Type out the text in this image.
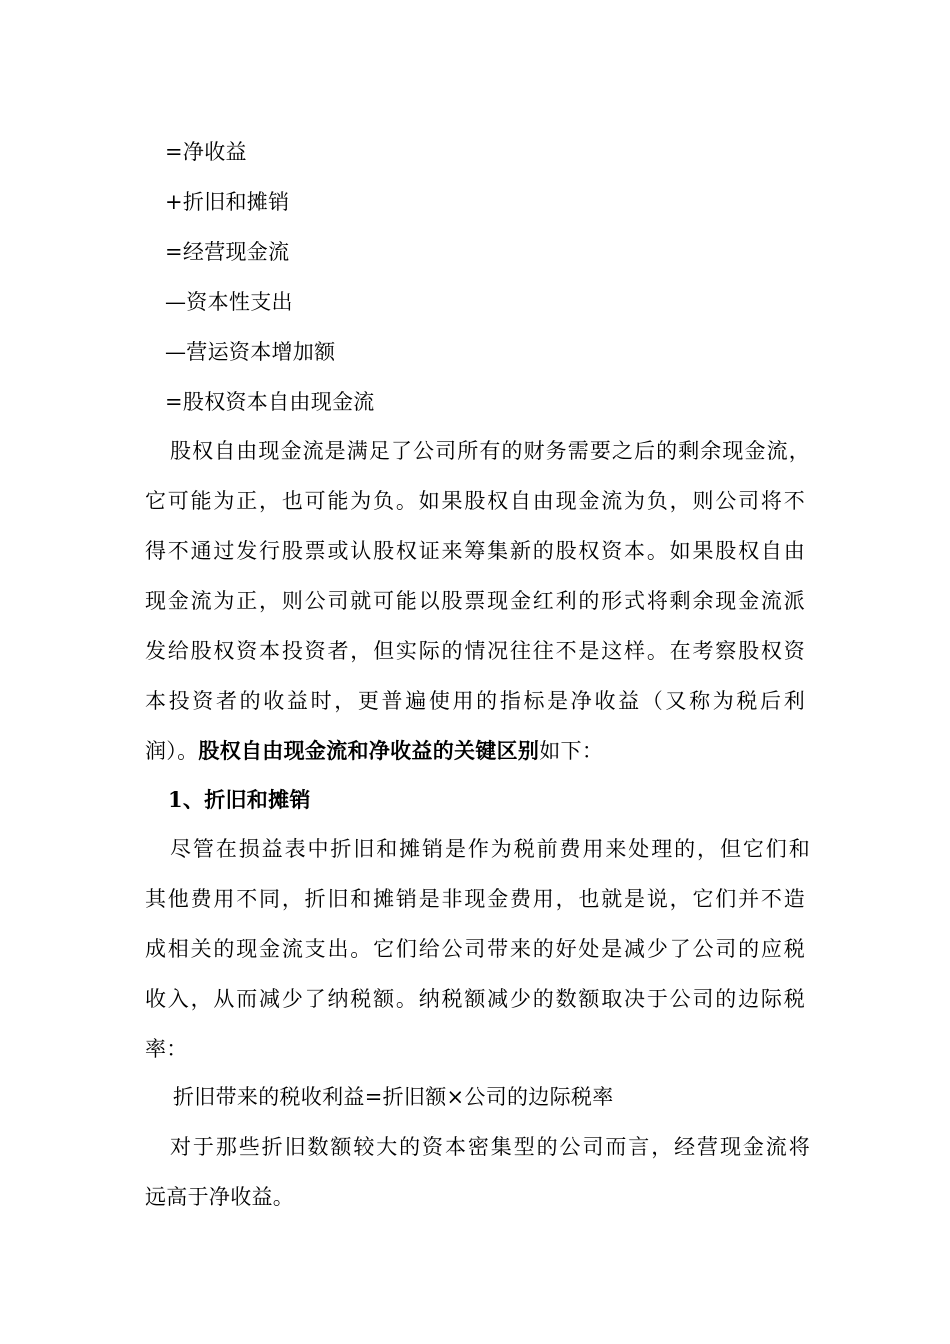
=净收益
+折旧和摊销
=经营现金流
—资本性支出
—营运资本增加额
=股权资本自由现金流
股权自由现金流是满足了公司所有的财务需要之后的剩余现金流，
它可能为正，也可能为负。如果股权自由现金流为负，则公司将不
得不通过发行股票或认股权证来筹集新的股权资本。如果股权自由
现金流为正，则公司就可能以股票现金红利的形式将剩余现金流派
发给股权资本投资者，但实际的情况往往不是这样。在考察股权资
本投资者的收益时，更普遍使用的指标是净收益（又称为税后利
润）。股权自由现金流和净收益的关键区别如下：
1、折旧和摊销
尽管在损益表中折旧和摊销是作为税前费用来处理的，但它们和
其他费用不同，折旧和摊销是非现金费用，也就是说，它们并不造
成相关的现金流支出。它们给公司带来的好处是减少了公司的应税
收入，从而减少了纳税额。纳税额减少的数额取决于公司的边际税
率：
折旧带来的税收利益=折旧额×公司的边际税率
对于那些折旧数额较大的资本密集型的公司而言，经营现金流将
远高于净收益。
